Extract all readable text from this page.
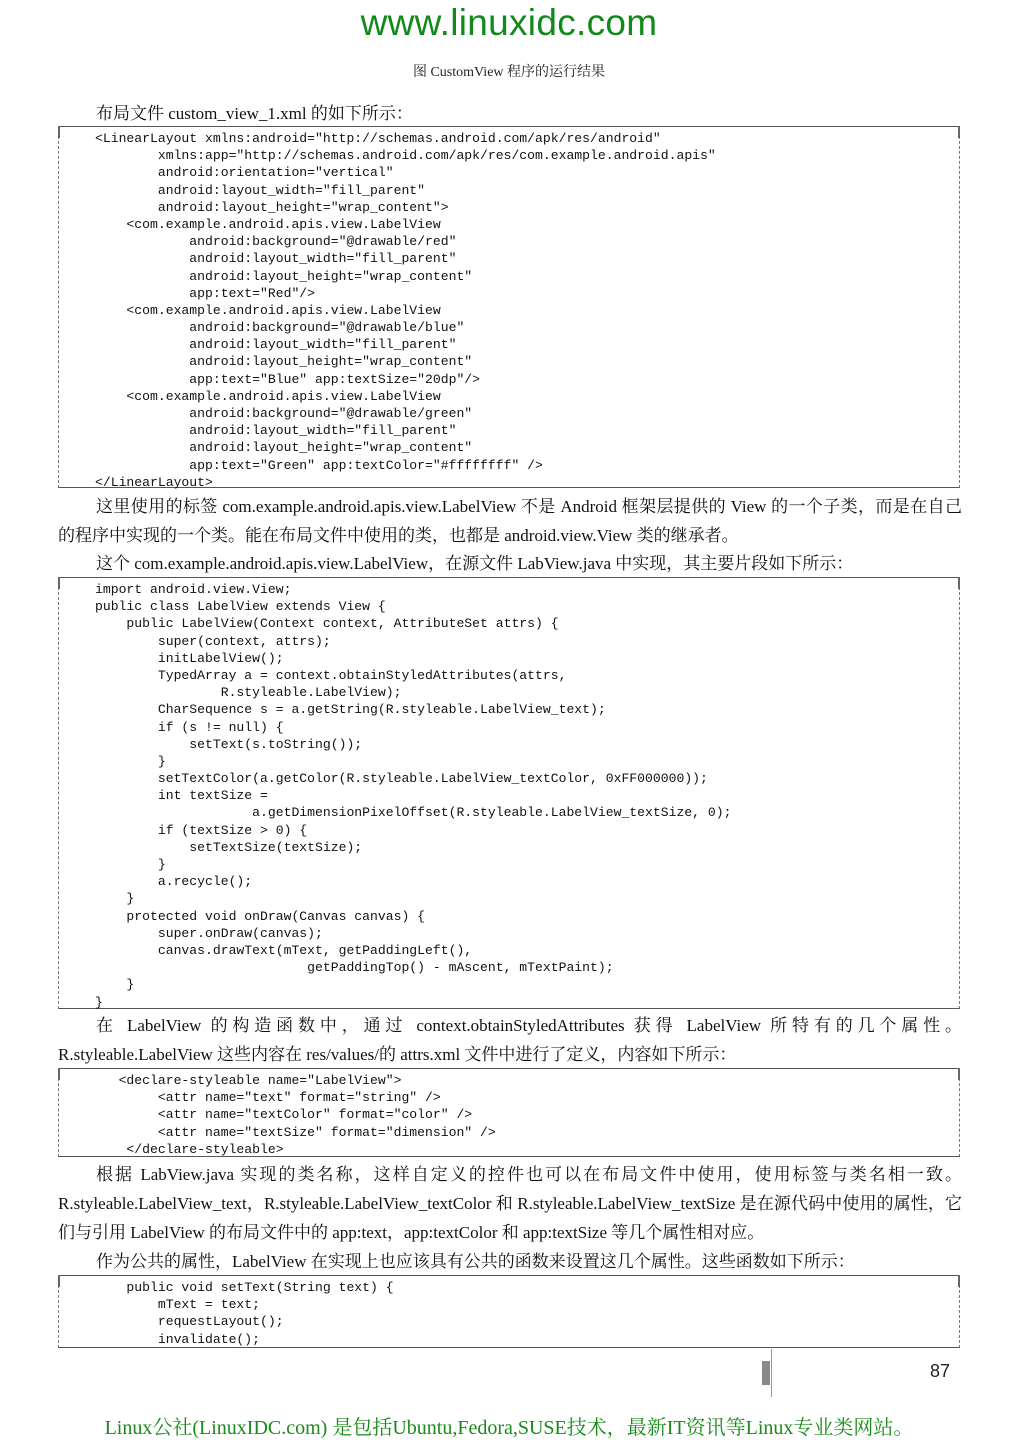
www.linuxidc.com
图 CustomView 程序的运行结果

布局文件 custom_view_1.xml 的如下所示：

<LinearLayout xmlns:android="http://schemas.android.com/apk/res/android"
xmlns:app="http://schemas.android.com/apk/res/com.example.android.apis"
android:orientation="vertical"
android:layout_width="fill_parent"
android:layout_height="wrap_content">
<com.example.android.apis.view.LabelView
android:background="@drawable/red"
android:layout_width="fill_parent"
android:layout_height="wrap_content"
app:text="Red"/>
<com.example.android.apis.view.LabelView
android:background="@drawable/blue"
android:layout_width="fill_parent"
android:layout_height="wrap_content"
app:text="Blue" app:textSize="20dp"/>
<com.example.android.apis.view.LabelView
android:background="@drawable/green"
android:layout_width="fill_parent"
android:layout_height="wrap_content"
app:text="Green" app:textColor="#ffffffff" />
</LinearLayout>

这里使用的标签 com.example.android.apis.view.LabelView 不是 Android 框架层提供的 View 的一个子类，而是在自己的程序中实现的一个类。能在布局文件中使用的类，也都是 android.view.View 类的继承者。

这个 com.example.android.apis.view.LabelView，在源文件 LabView.java 中实现，其主要片段如下所示：

import android.view.View;
public class LabelView extends View {
public LabelView(Context context, AttributeSet attrs) {
super(context, attrs);
initLabelView();
TypedArray a = context.obtainStyledAttributes(attrs,
R.styleable.LabelView);
CharSequence s = a.getString(R.styleable.LabelView_text);
if (s != null) {
setText(s.toString());
}
setTextColor(a.getColor(R.styleable.LabelView_textColor, 0xFF000000));
int textSize =
a.getDimensionPixelOffset(R.styleable.LabelView_textSize, 0);
if (textSize > 0) {
setTextSize(textSize);
}
a.recycle();
}
protected void onDraw(Canvas canvas) {
super.onDraw(canvas);
canvas.drawText(mText, getPaddingLeft(),
getPaddingTop() - mAscent, mTextPaint);
}
}

在 LabelView 的构造函数中，通过 context.obtainStyledAttributes 获得 LabelView 所特有的几个属性。R.styleable.LabelView 这些内容在 res/values/的 attrs.xml 文件中进行了定义，内容如下所示：

<declare-styleable name="LabelView">
<attr name="text" format="string" />
<attr name="textColor" format="color" />
<attr name="textSize" format="dimension" />
</declare-styleable>

根据 LabView.java 实现的类名称，这样自定义的控件也可以在布局文件中使用，使用标签与类名相一致。R.styleable.LabelView_text，R.styleable.LabelView_textColor 和 R.styleable.LabelView_textSize 是在源代码中使用的属性，它们与引用 LabelView 的布局文件中的 app:text，app:textColor 和 app:textSize 等几个属性相对应。

作为公共的属性，LabelView 在实现上也应该具有公共的函数来设置这几个属性。这些函数如下所示：

public void setText(String text) {
mText = text;
requestLayout();
invalidate();
87
Linux公社(LinuxIDC.com) 是包括Ubuntu,Fedora,SUSE技术，最新IT资讯等Linux专业类网站。
